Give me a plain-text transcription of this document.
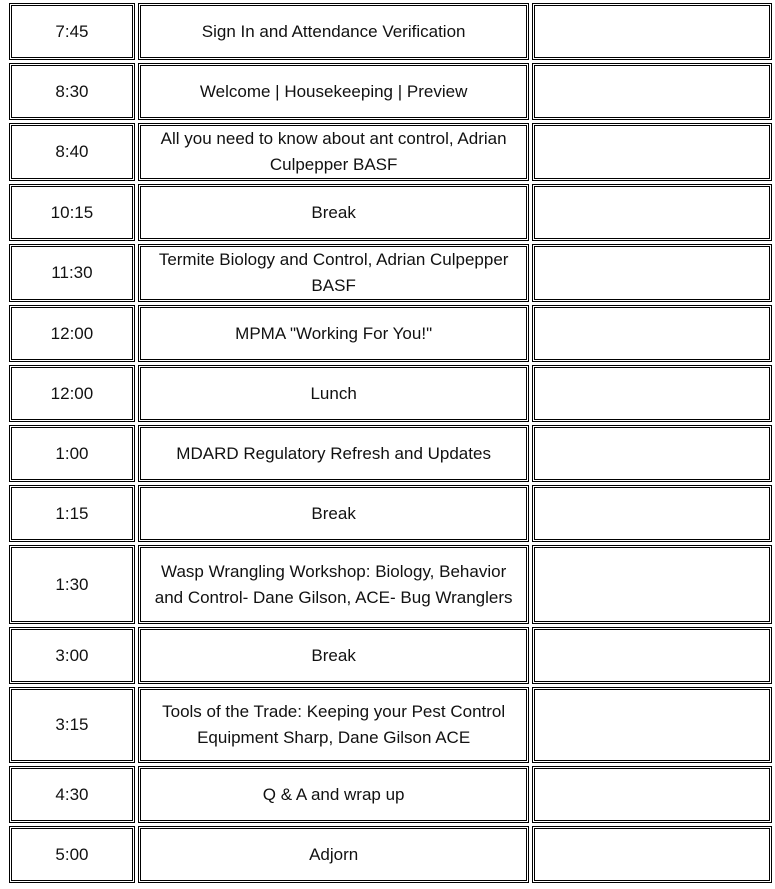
7:45	Sign In and Attendance Verification	
8:30	Welcome | Housekeeping | Preview	
8:40	All you need to know about ant control, Adrian Culpepper BASF	
10:15	Break	
11:30	Termite Biology and Control, Adrian Culpepper BASF	
12:00	MPMA "Working For You!"	
12:00	Lunch	
1:00	MDARD Regulatory Refresh and Updates	
1:15	Break	
1:30	Wasp Wrangling Workshop: Biology, Behavior and Control- Dane Gilson, ACE- Bug Wranglers	
3:00	Break	
3:15	Tools of the Trade: Keeping your Pest Control Equipment Sharp, Dane Gilson ACE	
4:30	Q & A and wrap up	
5:00	Adjorn	
